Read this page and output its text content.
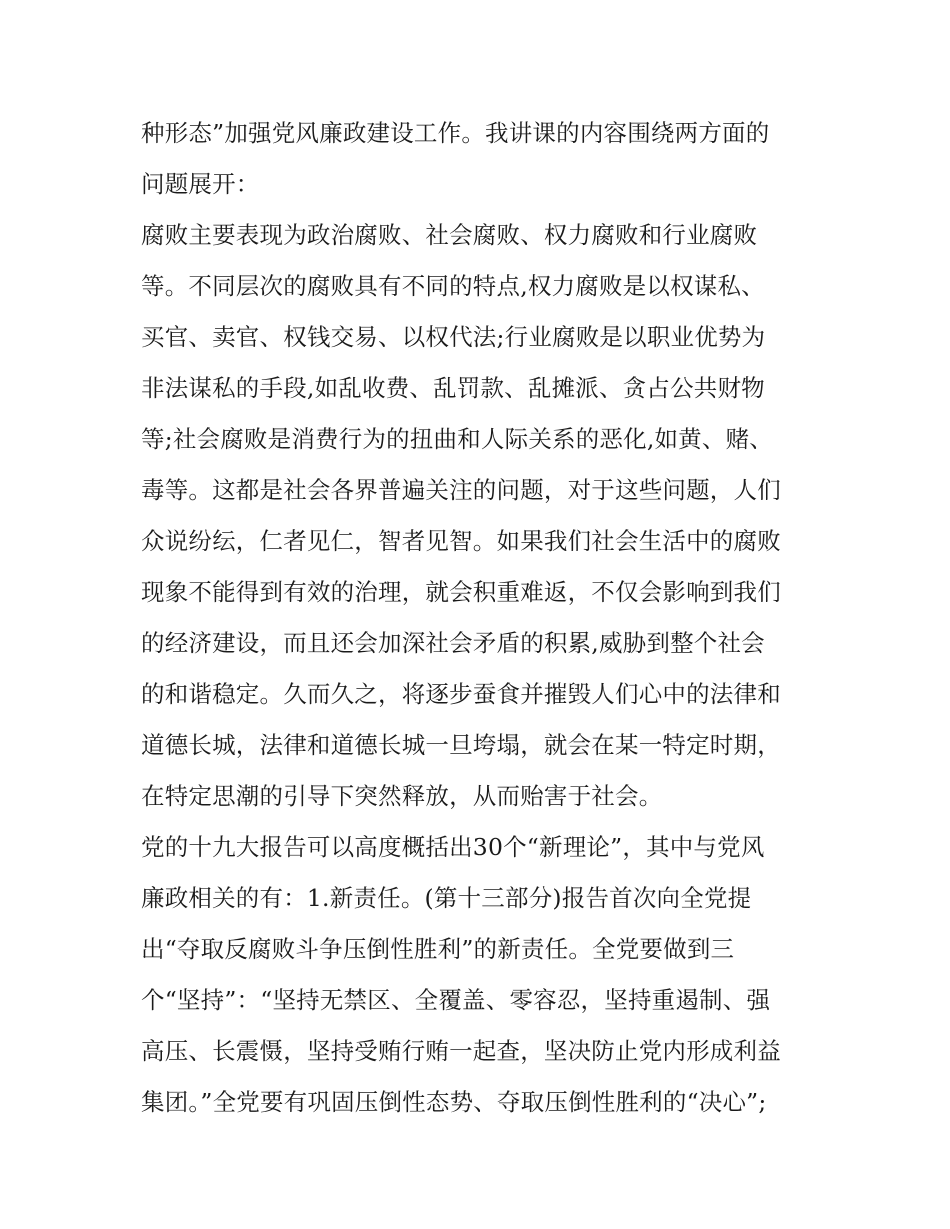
种形态”加强党风廉政建设工作。我讲课的内容围绕两方面的
问题展开：
腐败主要表现为政治腐败、社会腐败、权力腐败和行业腐败
等。不同层次的腐败具有不同的特点,权力腐败是以权谋私、
买官、卖官、权钱交易、以权代法;行业腐败是以职业优势为
非法谋私的手段,如乱收费、乱罚款、乱摊派、贪占公共财物
等;社会腐败是消费行为的扭曲和人际关系的恶化,如黄、赌、
毒等。这都是社会各界普遍关注的问题，对于这些问题，人们
众说纷纭，仁者见仁，智者见智。如果我们社会生活中的腐败
现象不能得到有效的治理，就会积重难返，不仅会影响到我们
的经济建设，而且还会加深社会矛盾的积累,威胁到整个社会
的和谐稳定。久而久之，将逐步蚕食并摧毁人们心中的法律和
道德长城，法律和道德长城一旦垮塌，就会在某一特定时期，
在特定思潮的引导下突然释放，从而贻害于社会。
党的十九大报告可以高度概括出30个“新理论”，其中与党风
廉政相关的有：1.新责任。(第十三部分)报告首次向全党提
出“夺取反腐败斗争压倒性胜利”的新责任。全党要做到三
个“坚持”：“坚持无禁区、全覆盖、零容忍，坚持重遏制、强
高压、长震慑，坚持受贿行贿一起查，坚决防止党内形成利益
集团。”全党要有巩固压倒性态势、夺取压倒性胜利的“决心”;
